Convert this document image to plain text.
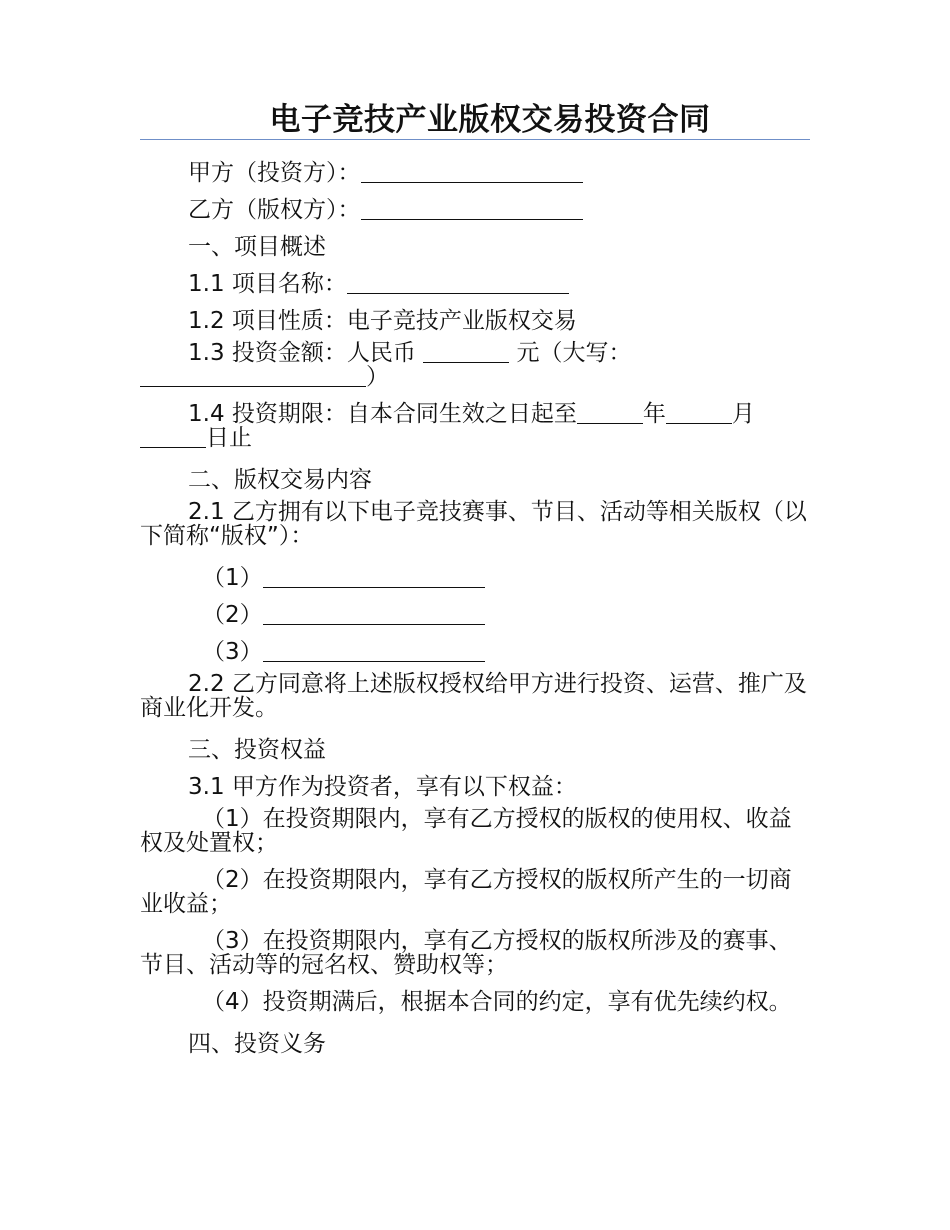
电子竞技产业版权交易投资合同
甲方（投资方）：
乙方（版权方）：
一、项目概述
1.1 项目名称：
1.2 项目性质：电子竞技产业版权交易
1.3 投资金额：人民币	元（大写：）
1.4 投资期限：自本合同生效之日起至	年	月日止
二、版权交易内容
2.1 乙方拥有以下电子竞技赛事、节目、活动等相关版权（以下简称“版权”）：
（1）
（2）
（3）
2.2 乙方同意将上述版权授权给甲方进行投资、运营、推广及商业化开发。
三、投资权益
3.1 甲方作为投资者，享有以下权益：
（1）在投资期限内，享有乙方授权的版权的使用权、收益权及处置权；
（2）在投资期限内，享有乙方授权的版权所产生的一切商业收益；
（3）在投资期限内，享有乙方授权的版权所涉及的赛事、节目、活动等的冠名权、赞助权等；
（4）投资期满后，根据本合同的约定，享有优先续约权。
四、投资义务
